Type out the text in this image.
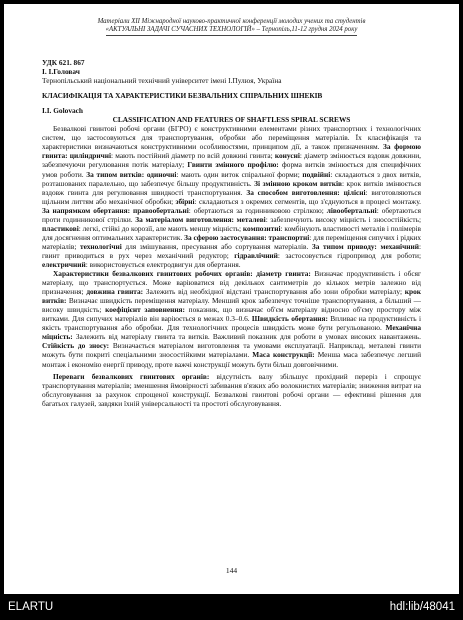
Матеріали ХІІ Міжнародної науково-практичної конференції молодих учених та студентів
«АКТУАЛЬНІ ЗАДАЧІ СУЧАСНИХ ТЕХНОЛОГІЙ» – Тернопіль,11-12 грудня 2024 року

УДК 621. 867

І. І.Головач

Тернопільський національний технічний університет імені І.Пулюя, Україна

КЛАСИФІКАЦІЯ ТА ХАРАКТЕРИСТИКИ БЕЗВАЛЬНИХ СПІРАЛЬНИХ ШНЕКІВ

I.I. Golovach

CLASSIFICATION AND FEATURES OF SHAFTLESS SPIRAL SCREWS

Безвалкові гвинтові робочі органи (БГРО) є конструктивними елементами різних транспортних і технологічних систем, що застосовуються для транспортування, обробки або переміщення матеріалів. Їх класифікація та характеристики визначаються конструктивними особливостями, принципом дії, а також призначенням. За формою гвинта: циліндричні: мають постійний діаметр по всій довжині гвинта; конусні: діаметр змінюється вздовж довжини, забезпечуючи регулювання потік матеріалу; Гвинти змінного профілю: форма витків змінюється для специфічних умов роботи. За типом витків: одиночні: мають один виток спіральної форми; подвійні: складаються з двох витків, розташованих паралельно, що забезпечує більшу продуктивність. Зі змінною кроком витків: крок витків змінюється вздовж гвинта для регулювання швидкості транспортування. За способом виготовлення: цілісні: виготовляються щільним литтям або механічної обробки; збірні: складаються з окремих сегментів, що з'єднуються в процесі монтажу. За напрямком обертання: правообертальні: обертаються за годинниковою стрілкою; лівообертальні: обертаються проти годинникової стрілки. За матеріалом виготовлення: металеві: забезпечують високу міцність і зносостійкість; пластикові: легкі, стійкі до корозії, але мають меншу міцність; композитні: комбінують властивості металів і полімерів для досягнення оптимальних характеристик. За сферою застосування: транспортні: для переміщення сипучих і рідких матеріалів; технологічні для змішування, пресування або сортування матеріалів. За типом приводу: механічний: гвинт приводиться в рух через механічний редуктор; гідравлічний: застосовується гідропривод для роботи; електричний: використовується електродвигун для обертання.

Характеристики безвалкових гвинтових робочих органів: діаметр гвинта: Визначає продуктивність і обсяг матеріалу, що транспортується. Може варіюватися від декількох сантиметрів до кількох метрів залежно від призначення; довжина гвинта: Залежить від необхідної відстані транспортування або зони обробки матеріалу; крок витків: Визначає швидкість переміщення матеріалу. Менший крок забезпечує точніше транспортування, а більший — високу швидкість; коефіцієнт заповнення: показник, що визначає об'єм матеріалу відносно об'єму простору між витками. Для сипучих матеріалів він варіюється в межах 0.3–0.6. Швидкість обертання: Впливає на продуктивність і якість транспортування або обробки. Для технологічних процесів швидкість може бути регульованою. Механічна міцність: Залежить від матеріалу гвинта та витків. Важливий показник для роботи в умовах високих навантажень. Стійкість до зносу: Визначається матеріалом виготовлення та умовами експлуатації. Наприклад, металеві гвинти можуть бути покриті спеціальними зносостійкими матеріалами. Маса конструкції: Менша маса забезпечує легший монтаж і економію енергії приводу, проте важчі конструкції можуть бути більш довговічними.

Переваги безвалкових гвинтових органів: відсутність валу збільшує прохідний переріз і спрощує транспортування матеріалів; зменшення ймовірності забивання в'язких або волокнистих матеріалів; зниження витрат на обслуговування за рахунок спрощеної конструкції. Безвалкові гвинтові робочі органи — ефективні рішення для багатьох галузей, завдяки їхній універсальності та простоті обслуговування.

144
ELARTU	hdl:lib/48041
